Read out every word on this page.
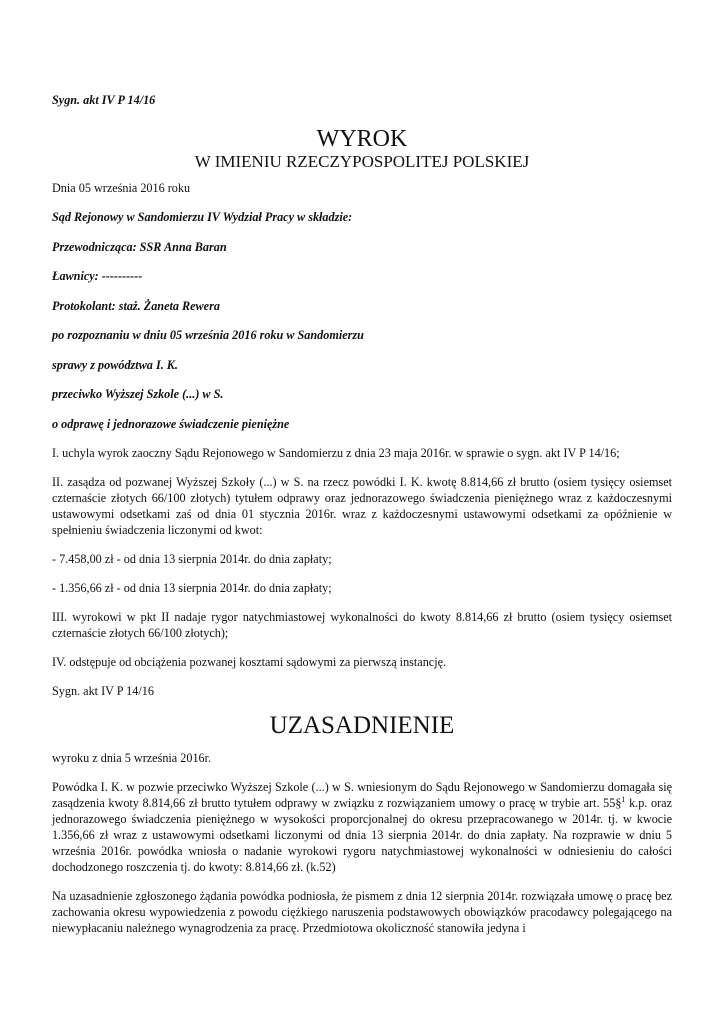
Sygn. akt IV P 14/16

WYROK
W IMIENIU RZECZYPOSPOLITEJ POLSKIEJ

Dnia 05 września 2016 roku

Sąd Rejonowy w Sandomierzu IV Wydział Pracy w składzie:

Przewodnicząca: SSR Anna Baran

Ławnicy: ----------

Protokolant: staż. Żaneta Rewera

po rozpoznaniu w dniu 05 września 2016 roku w Sandomierzu

sprawy z powództwa I. K.

przeciwko Wyższej Szkole (...) w S.

o odprawę i jednorazowe świadczenie pieniężne

I. uchyla wyrok zaoczny Sądu Rejonowego w Sandomierzu z dnia 23 maja 2016r. w sprawie o sygn. akt IV P 14/16;

II. zasądza od pozwanej Wyższej Szkoły (...) w S. na rzecz powódki I. K. kwotę 8.814,66 zł brutto (osiem tysięcy osiemset czternaście złotych 66/100 złotych) tytułem odprawy oraz jednorazowego świadczenia pieniężnego wraz z każdoczesnymi ustawowymi odsetkami zaś od dnia 01 stycznia 2016r. wraz z każdoczesnymi ustawowymi odsetkami za opóźnienie w spełnieniu świadczenia liczonymi od kwot:

- 7.458,00 zł - od dnia 13 sierpnia 2014r. do dnia zapłaty;

- 1.356,66 zł - od dnia 13 sierpnia 2014r. do dnia zapłaty;

III. wyrokowi w pkt II nadaje rygor natychmiastowej wykonalności do kwoty 8.814,66 zł brutto (osiem tysięcy osiemset czternaście złotych 66/100 złotych);

IV. odstępuje od obciążenia pozwanej kosztami sądowymi za pierwszą instancję.

Sygn. akt IV P 14/16

UZASADNIENIE

wyroku z dnia 5 września 2016r.

Powódka I. K. w pozwie przeciwko Wyższej Szkole (...) w S. wniesionym do Sądu Rejonowego w Sandomierzu domagała się zasądzenia kwoty 8.814,66 zł brutto tytułem odprawy w związku z rozwiązaniem umowy o pracę w trybie art. 55§$^1$ k.p. oraz jednorazowego świadczenia pieniężnego w wysokości proporcjonalnej do okresu przepracowanego w 2014r. tj. w kwocie 1.356,66 zł wraz z ustawowymi odsetkami liczonymi od dnia 13 sierpnia 2014r. do dnia zapłaty. Na rozprawie w dniu 5 września 2016r. powódka wniosła o nadanie wyrokowi rygoru natychmiastowej wykonalności w odniesieniu do całości dochodzonego roszczenia tj. do kwoty: 8.814,66 zł. (k.52)

Na uzasadnienie zgłoszonego żądania powódka podniosła, że pismem z dnia 12 sierpnia 2014r. rozwiązała umowę o pracę bez zachowania okresu wypowiedzenia z powodu ciężkiego naruszenia podstawowych obowiązków pracodawcy polegającego na niewypłacaniu należnego wynagrodzenia za pracę. Przedmiotowa okoliczność stanowiła jedyna i
